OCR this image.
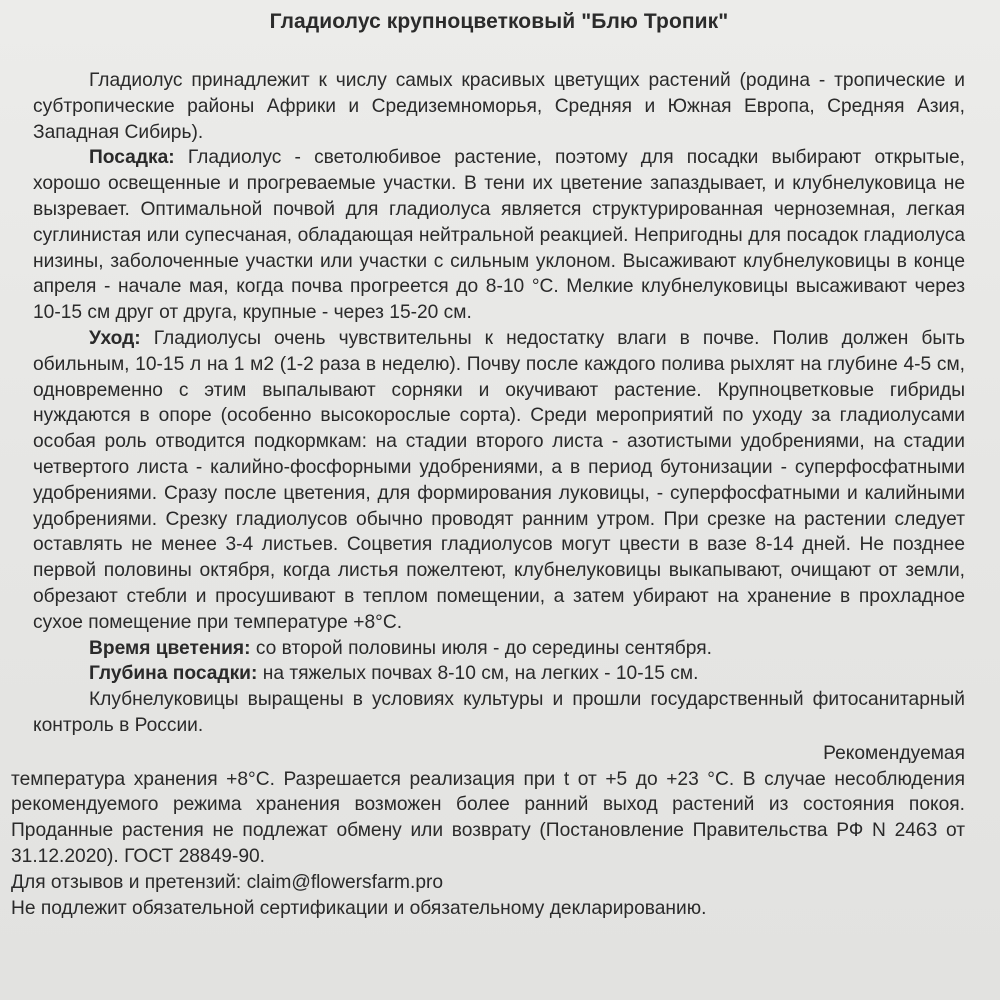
Гладиолус крупноцветковый "Блю Тропик"

Гладиолус принадлежит к числу самых красивых цветущих растений (родина - тропические и субтропические районы Африки и Средиземноморья, Средняя и Южная Европа, Средняя Азия, Западная Сибирь).

Посадка: Гладиолус - светолюбивое растение, поэтому для посадки выбирают открытые, хорошо освещенные и прогреваемые участки. В тени их цветение запаздывает, и клубнелуковица не вызревает. Оптимальной почвой для гладиолуса является структурированная черноземная, легкая суглинистая или супесчаная, обладающая нейтральной реакцией. Непригодны для посадок гладиолуса низины, заболоченные участки или участки с сильным уклоном. Высаживают клубнелуковицы в конце апреля - начале мая, когда почва прогреется до 8-10 °С. Мелкие клубнелуковицы высаживают через 10-15 см друг от друга, крупные - через 15-20 см.

Уход: Гладиолусы очень чувствительны к недостатку влаги в почве. Полив должен быть обильным, 10-15 л на 1 м2 (1-2 раза в неделю). Почву после каждого полива рыхлят на глубине 4-5 см, одновременно с этим выпалывают сорняки и окучивают растение. Крупноцветковые гибриды нуждаются в опоре (особенно высокорослые сорта). Среди мероприятий по уходу за гладиолусами особая роль отводится подкормкам: на стадии второго листа - азотистыми удобрениями, на стадии четвертого листа - калийно-фосфорными удобрениями, а в период бутонизации - суперфосфатными удобрениями. Сразу после цветения, для формирования луковицы, - суперфосфатными и калийными удобрениями. Срезку гладиолусов обычно проводят ранним утром. При срезке на растении следует оставлять не менее 3-4 листьев. Соцветия гладиолусов могут цвести в вазе 8-14 дней. Не позднее первой половины октября, когда листья пожелтеют, клубнелуковицы выкапывают, очищают от земли, обрезают стебли и просушивают в теплом помещении, а затем убирают на хранение в прохладное сухое помещение при температуре +8°С.

Время цветения: со второй половины июля - до середины сентября.

Глубина посадки: на тяжелых почвах 8-10 см, на легких - 10-15 см.

Клубнелуковицы выращены в условиях культуры и прошли государственный фитосанитарный контроль в России.

Рекомендуемая

температура хранения +8°С. Разрешается реализация при t от +5 до +23 °С. В случае несоблюдения рекомендуемого режима хранения возможен более ранний выход растений из состояния покоя. Проданные растения не подлежат обмену или возврату (Постановление Правительства РФ N 2463 от 31.12.2020). ГОСТ 28849-90.

Для отзывов и претензий: claim@flowersfarm.pro

Не подлежит обязательной сертификации и обязательному декларированию.
